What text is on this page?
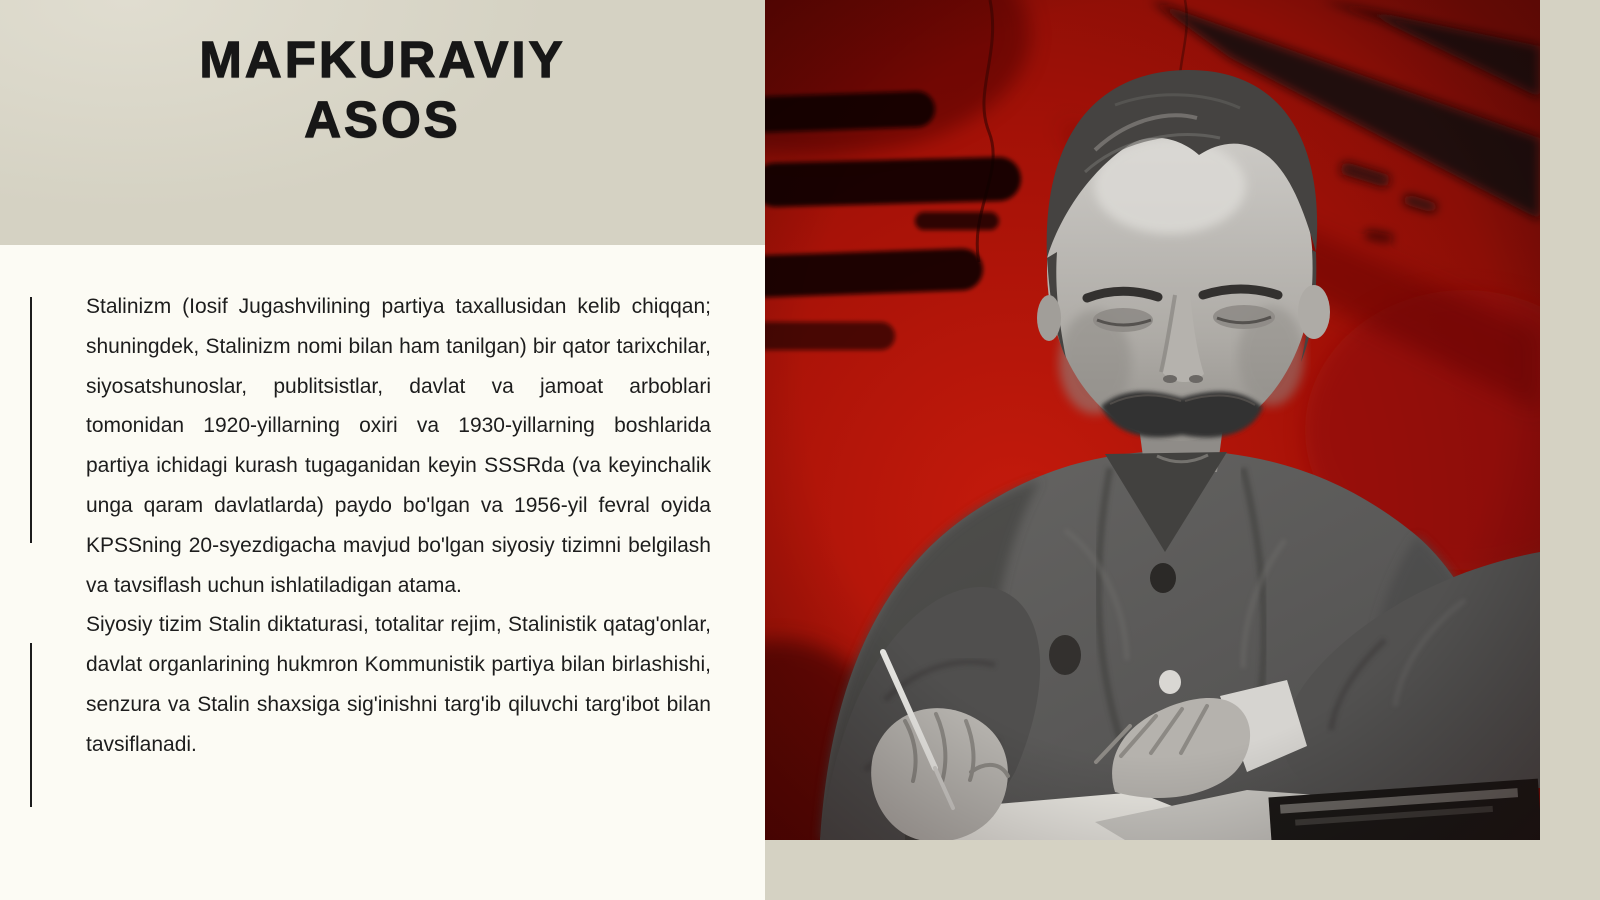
MAFKURAVIY
ASOS

Stalinizm (Iosif Jugashvilining partiya taxallusidan kelib chiqqan; shuningdek, Stalinizm nomi bilan ham tanilgan) bir qator tarixchilar, siyosatshunoslar, publitsistlar, davlat va jamoat arboblari tomonidan 1920-yillarning oxiri va 1930-yillarning boshlarida partiya ichidagi kurash tugaganidan keyin SSSRda (va keyinchalik unga qaram davlatlarda) paydo bo'lgan va 1956-yil fevral oyida KPSSning 20-syezdigacha mavjud bo'lgan siyosiy tizimni belgilash va tavsiflash uchun ishlatiladigan atama.

Siyosiy tizim Stalin diktaturasi, totalitar rejim, Stalinistik qatag'onlar, davlat organlarining hukmron Kommunistik partiya bilan birlashishi, senzura va Stalin shaxsiga sig'inishni targ'ib qiluvchi targ'ibot bilan tavsiflanadi.
